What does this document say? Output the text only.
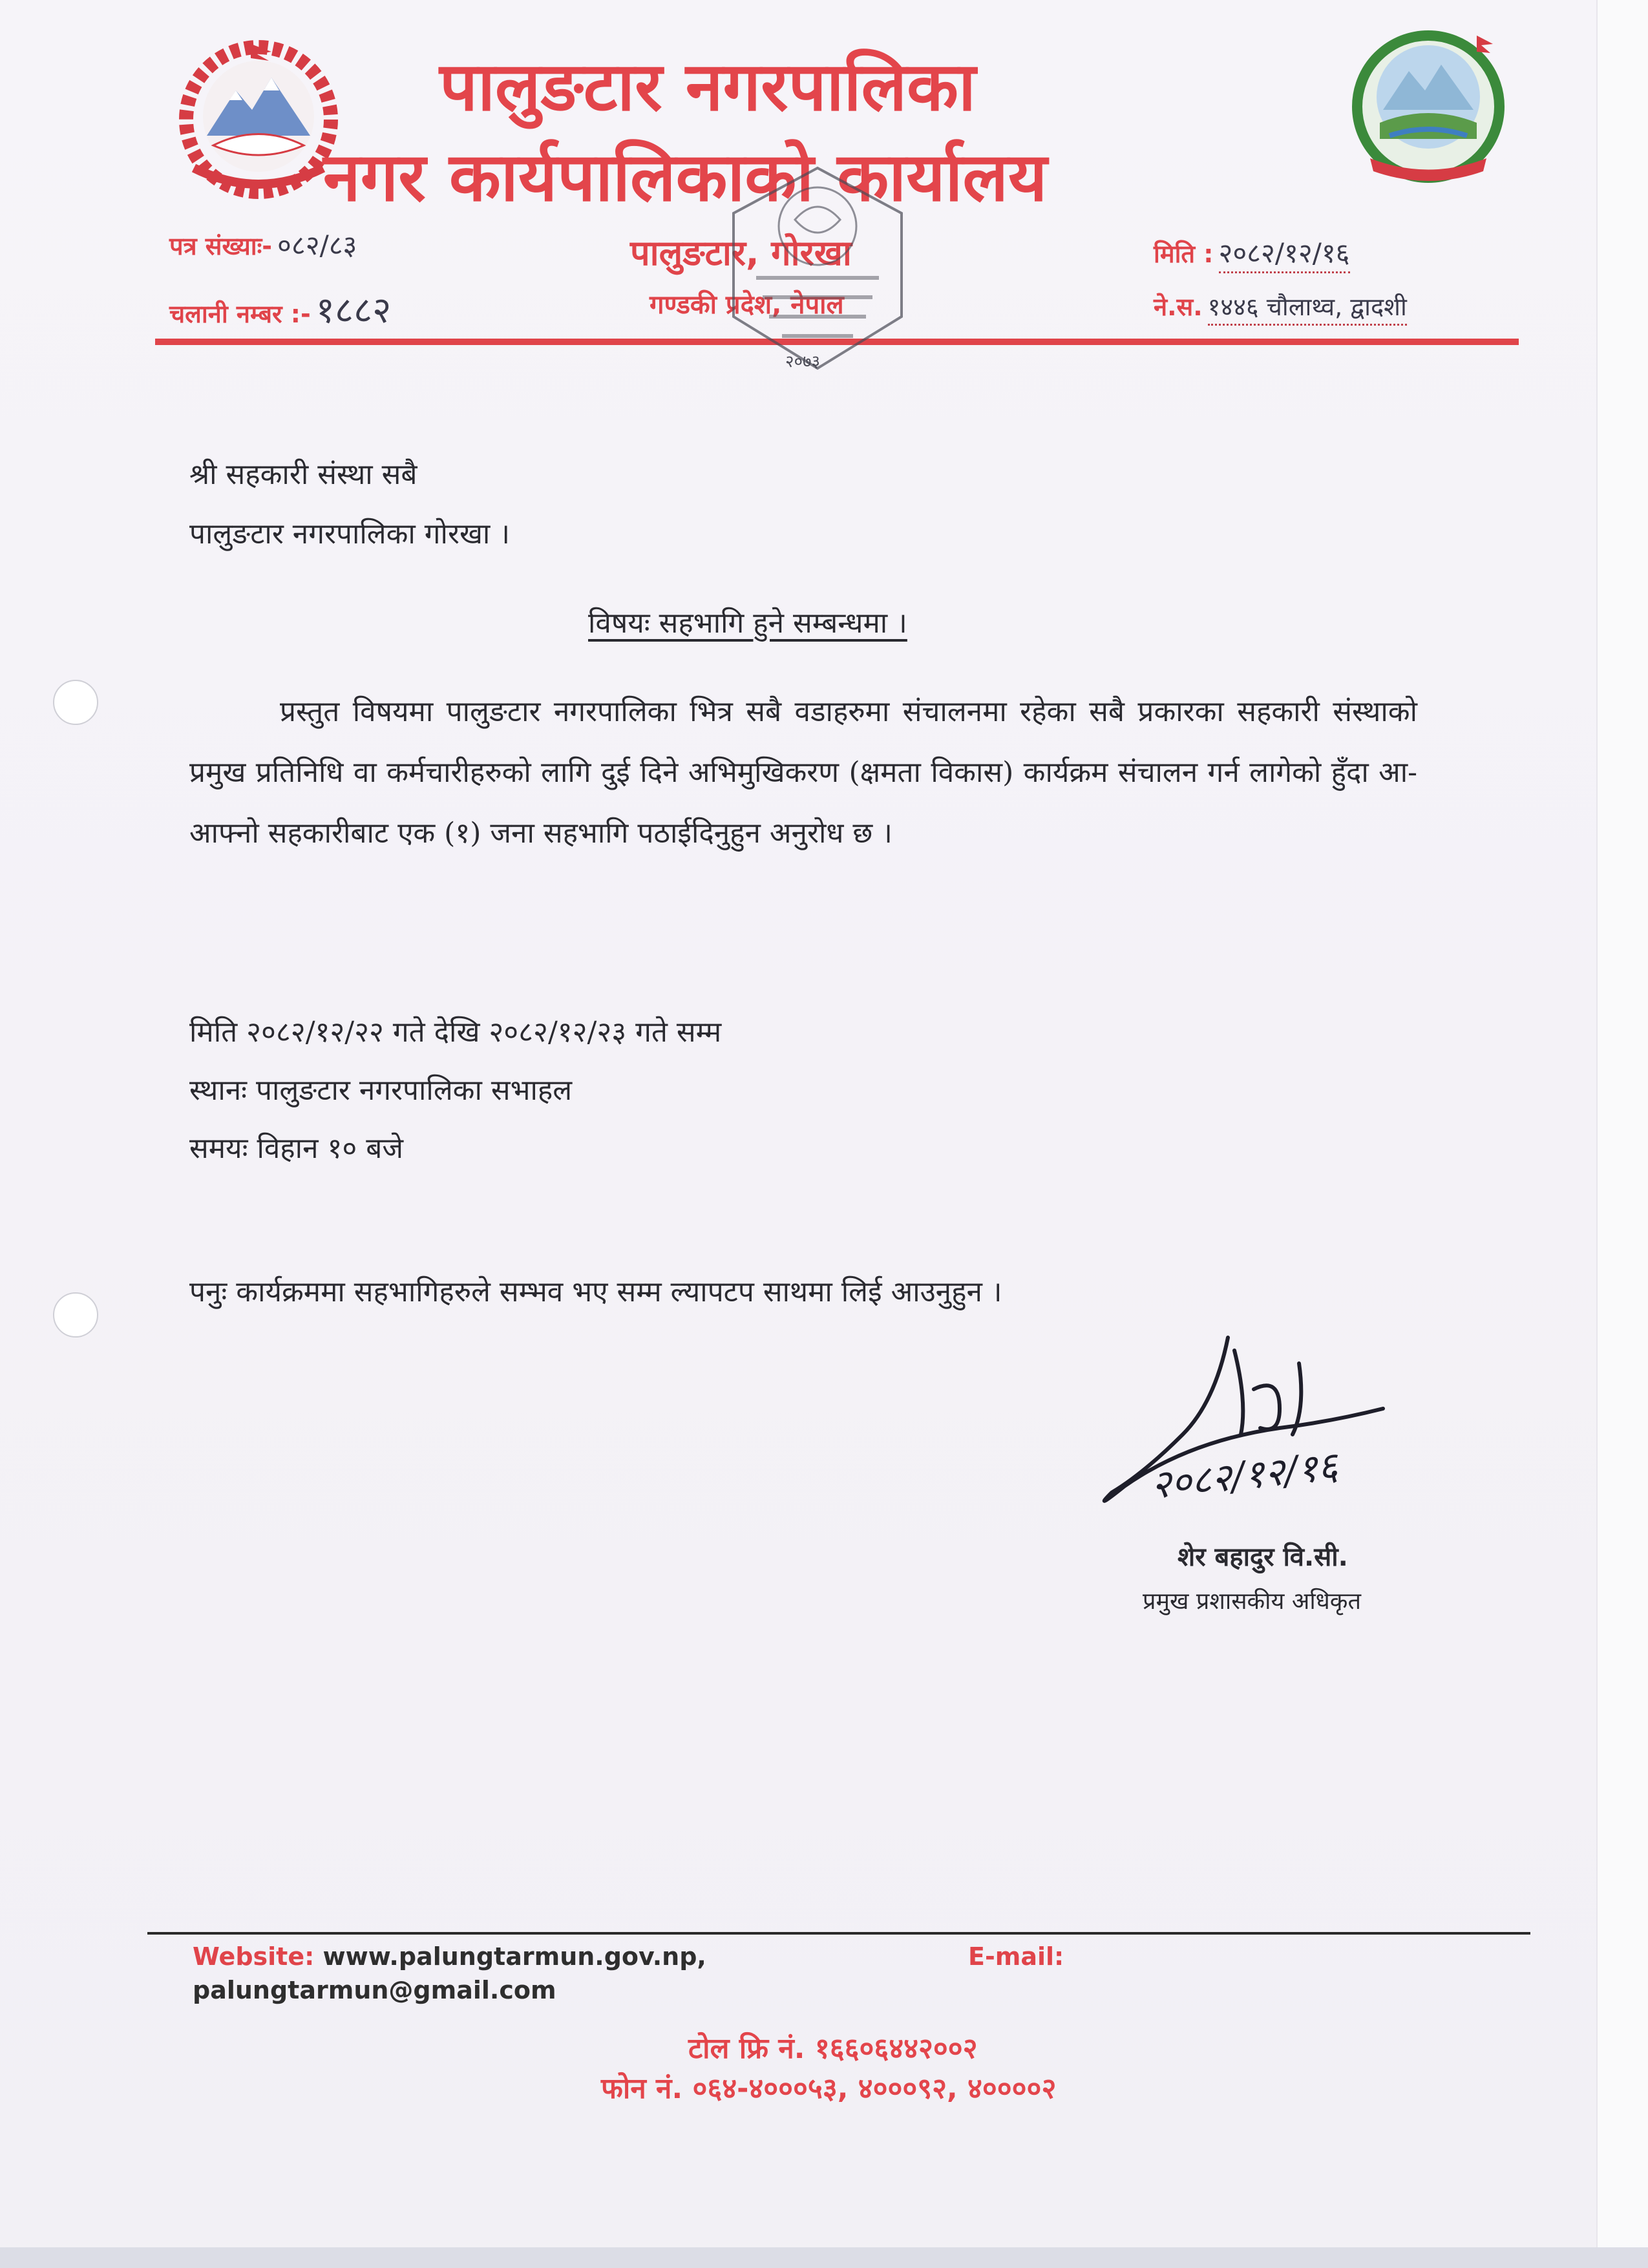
पालुङटार नगरपालिका
नगर कार्यपालिकाको कार्यालय
पत्र संख्याः- ०८२/८३
चलानी नम्बर :- १८८२
पालुङटार, गोरखा
गण्डकी प्रदेश, नेपाल
मिति : २०८२/१२/१६
ने.स. १४४६ चौलाथ्व, द्वादशी
२०७३
श्री सहकारी संस्था सबै
पालुङटार नगरपालिका गोरखा ।
विषयः सहभागि हुने सम्बन्धमा ।

प्रस्तुत विषयमा पालुङटार नगरपालिका भित्र सबै वडाहरुमा संचालनमा रहेका सबै प्रकारका सहकारी संस्थाको प्रमुख प्रतिनिधि वा कर्मचारीहरुको लागि दुई दिने अभिमुखिकरण (क्षमता विकास) कार्यक्रम संचालन गर्न लागेको हुँदा आ-आफ्नो सहकारीबाट एक (१) जना सहभागि पठाईदिनुहुन अनुरोध छ ।

मिति २०८२/१२/२२ गते देखि २०८२/१२/२३ गते सम्म
स्थानः पालुङटार नगरपालिका सभाहल
समयः विहान १० बजे
पनुः कार्यक्रममा सहभागिहरुले सम्भव भए सम्म ल्यापटप साथमा लिई आउनुहुन ।
२०८२/१२/१६
शेर बहादुर वि.सी.
प्रमुख प्रशासकीय अधिकृत
Website: www.palungtarmun.gov.np,	E-mail:
palungtarmun@gmail.com
टोल फ्रि नं. १६६०६४४२००२
फोन नं. ०६४-४०००५३, ४०००९२, ४००००२
